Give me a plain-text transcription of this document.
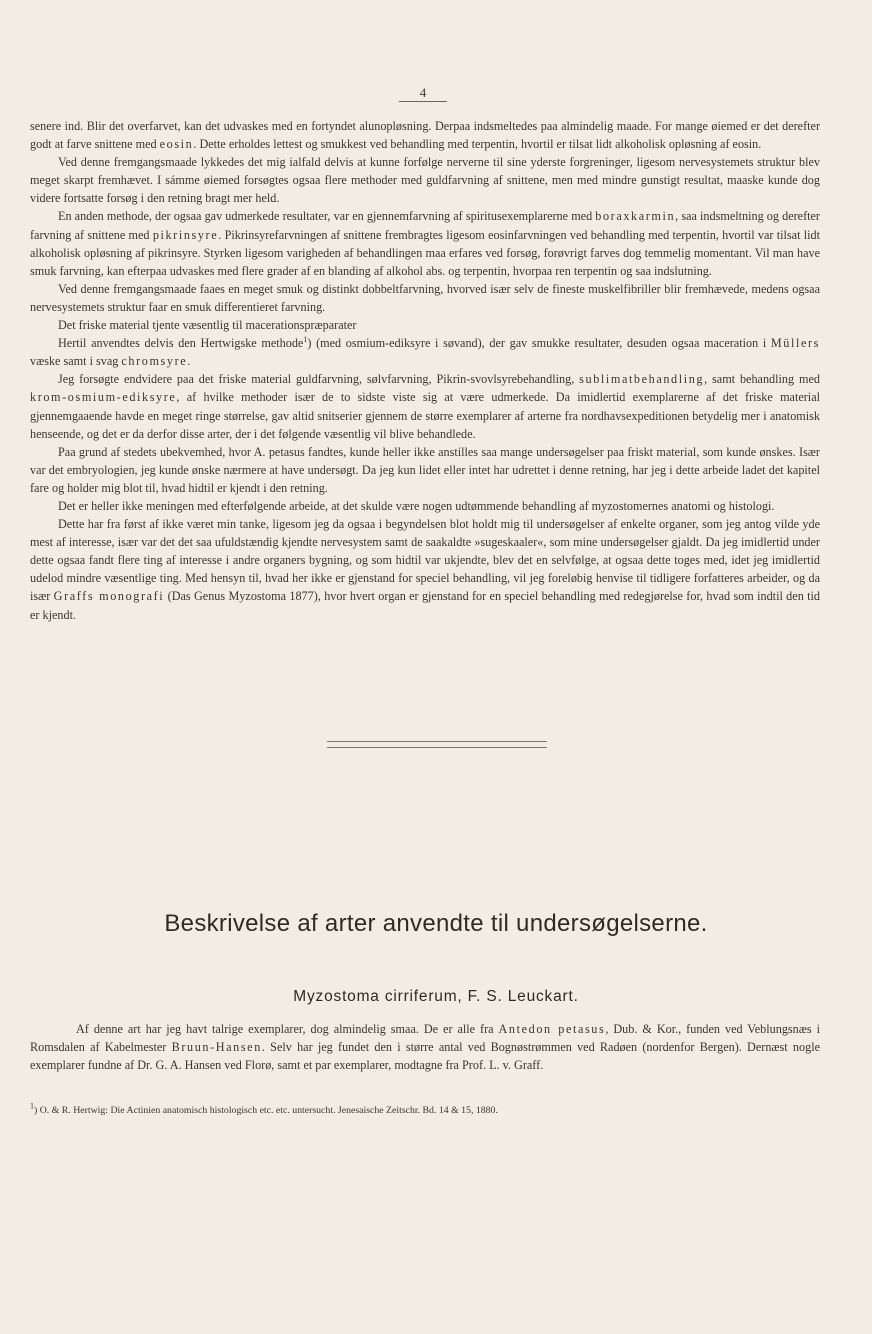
4

senere ind. Blir det overfarvet, kan det udvaskes med en fortyndet alunopløsning. Derpaa indsmeltedes paa almindelig maade. For mange øiemed er det derefter godt at farve snittene med eosin. Dette erholdes lettest og smukkest ved behandling med terpentin, hvortil er tilsat lidt alkoholisk opløsning af eosin.

Ved denne fremgangsmaade lykkedes det mig ialfald delvis at kunne forfølge nerverne til sine yderste forgreninger, ligesom nervesystemets struktur blev meget skarpt fremhævet. I sámme øiemed forsøgtes ogsaa flere methoder med guldfarvning af snittene, men med mindre gunstigt resultat, maaske kunde dog videre fortsatte forsøg i den retning bragt mer held.

En anden methode, der ogsaa gav udmerkede resultater, var en gjennemfarvning af spiritusexemplarerne med boraxkarmin, saa indsmeltning og derefter farvning af snittene med pikrinsyre. Pikrinsyrefarvningen af snittene frembragtes ligesom eosinfarvningen ved behandling med terpentin, hvortil var tilsat lidt alkoholisk opløsning af pikrinsyre. Styrken ligesom varigheden af behandlingen maa erfares ved forsøg, forøvrigt farves dog temmelig momentant. Vil man have smuk farvning, kan efterpaa udvaskes med flere grader af en blanding af alkohol abs. og terpentin, hvorpaa ren terpentin og saa indslutning.

Ved denne fremgangsmaade faaes en meget smuk og distinkt dobbeltfarvning, hvorved især selv de fineste muskelfibriller blir fremhævede, medens ogsaa nervesystemets struktur faar en smuk differentieret farvning.

Det friske material tjente væsentlig til macerationspræparater

Hertil anvendtes delvis den Hertwigske methode$^1$) (med osmium-ediksyre i søvand), der gav smukke resultater, desuden ogsaa maceration i Müllers væske samt i svag chromsyre.

Jeg forsøgte endvidere paa det friske material guldfarvning, sølvfarvning, Pikrin-svovlsyrebehandling, sublimatbehandling, samt behandling med krom-osmium-ediksyre, af hvilke methoder især de to sidste viste sig at være udmerkede. Da imidlertid exemplarerne af det friske material gjennemgaaende havde en meget ringe størrelse, gav altid snitserier gjennem de større exemplarer af arterne fra nordhavsexpeditionen betydelig mer i anatomisk henseende, og det er da derfor disse arter, der i det følgende væsentlig vil blive behandlede.

Paa grund af stedets ubekvemhed, hvor A. petasus fandtes, kunde heller ikke anstilles saa mange undersøgelser paa friskt material, som kunde ønskes. Især var det embryologien, jeg kunde ønske nærmere at have undersøgt. Da jeg kun lidet eller intet har udrettet i denne retning, har jeg i dette arbeide ladet det kapitel fare og holder mig blot til, hvad hidtil er kjendt i den retning.

Det er heller ikke meningen med efterfølgende arbeide, at det skulde være nogen udtømmende behandling af myzostomernes anatomi og histologi.

Dette har fra først af ikke været min tanke, ligesom jeg da ogsaa i begyndelsen blot holdt mig til undersøgelser af enkelte organer, som jeg antog vilde yde mest af interesse, især var det det saa ufuldstændig kjendte nervesystem samt de saakaldte »sugeskaaler«, som mine undersøgelser gjaldt. Da jeg imidlertid under dette ogsaa fandt flere ting af interesse i andre organers bygning, og som hidtil var ukjendte, blev det en selvfølge, at ogsaa dette toges med, idet jeg imidlertid udelod mindre væsentlige ting. Med hensyn til, hvad her ikke er gjenstand for speciel behandling, vil jeg foreløbig henvise til tidligere forfatteres arbeider, og da især Graffs monografi (Das Genus Myzostoma 1877), hvor hvert organ er gjenstand for en speciel behandling med redegjørelse for, hvad som indtil den tid er kjendt.

Beskrivelse af arter anvendte til undersøgelserne.
Myzostoma cirriferum, F. S. Leuckart.

Af denne art har jeg havt talrige exemplarer, dog almindelig smaa. De er alle fra Antedon petasus, Dub. & Kor., funden ved Veblungsnæs i Romsdalen af Kabelmester Bruun-Hansen. Selv har jeg fundet den i større antal ved Bognøstrømmen ved Radøen (nordenfor Bergen). Dernæst nogle exemplarer fundne af Dr. G. A. Hansen ved Florø, samt et par exemplarer, modtagne fra Prof. L. v. Graff.

$^1$) O. & R. Hertwig: Die Actinien anatomisch histologisch etc. etc. untersucht. Jenesaische Zeitschr. Bd. 14 & 15, 1880.
